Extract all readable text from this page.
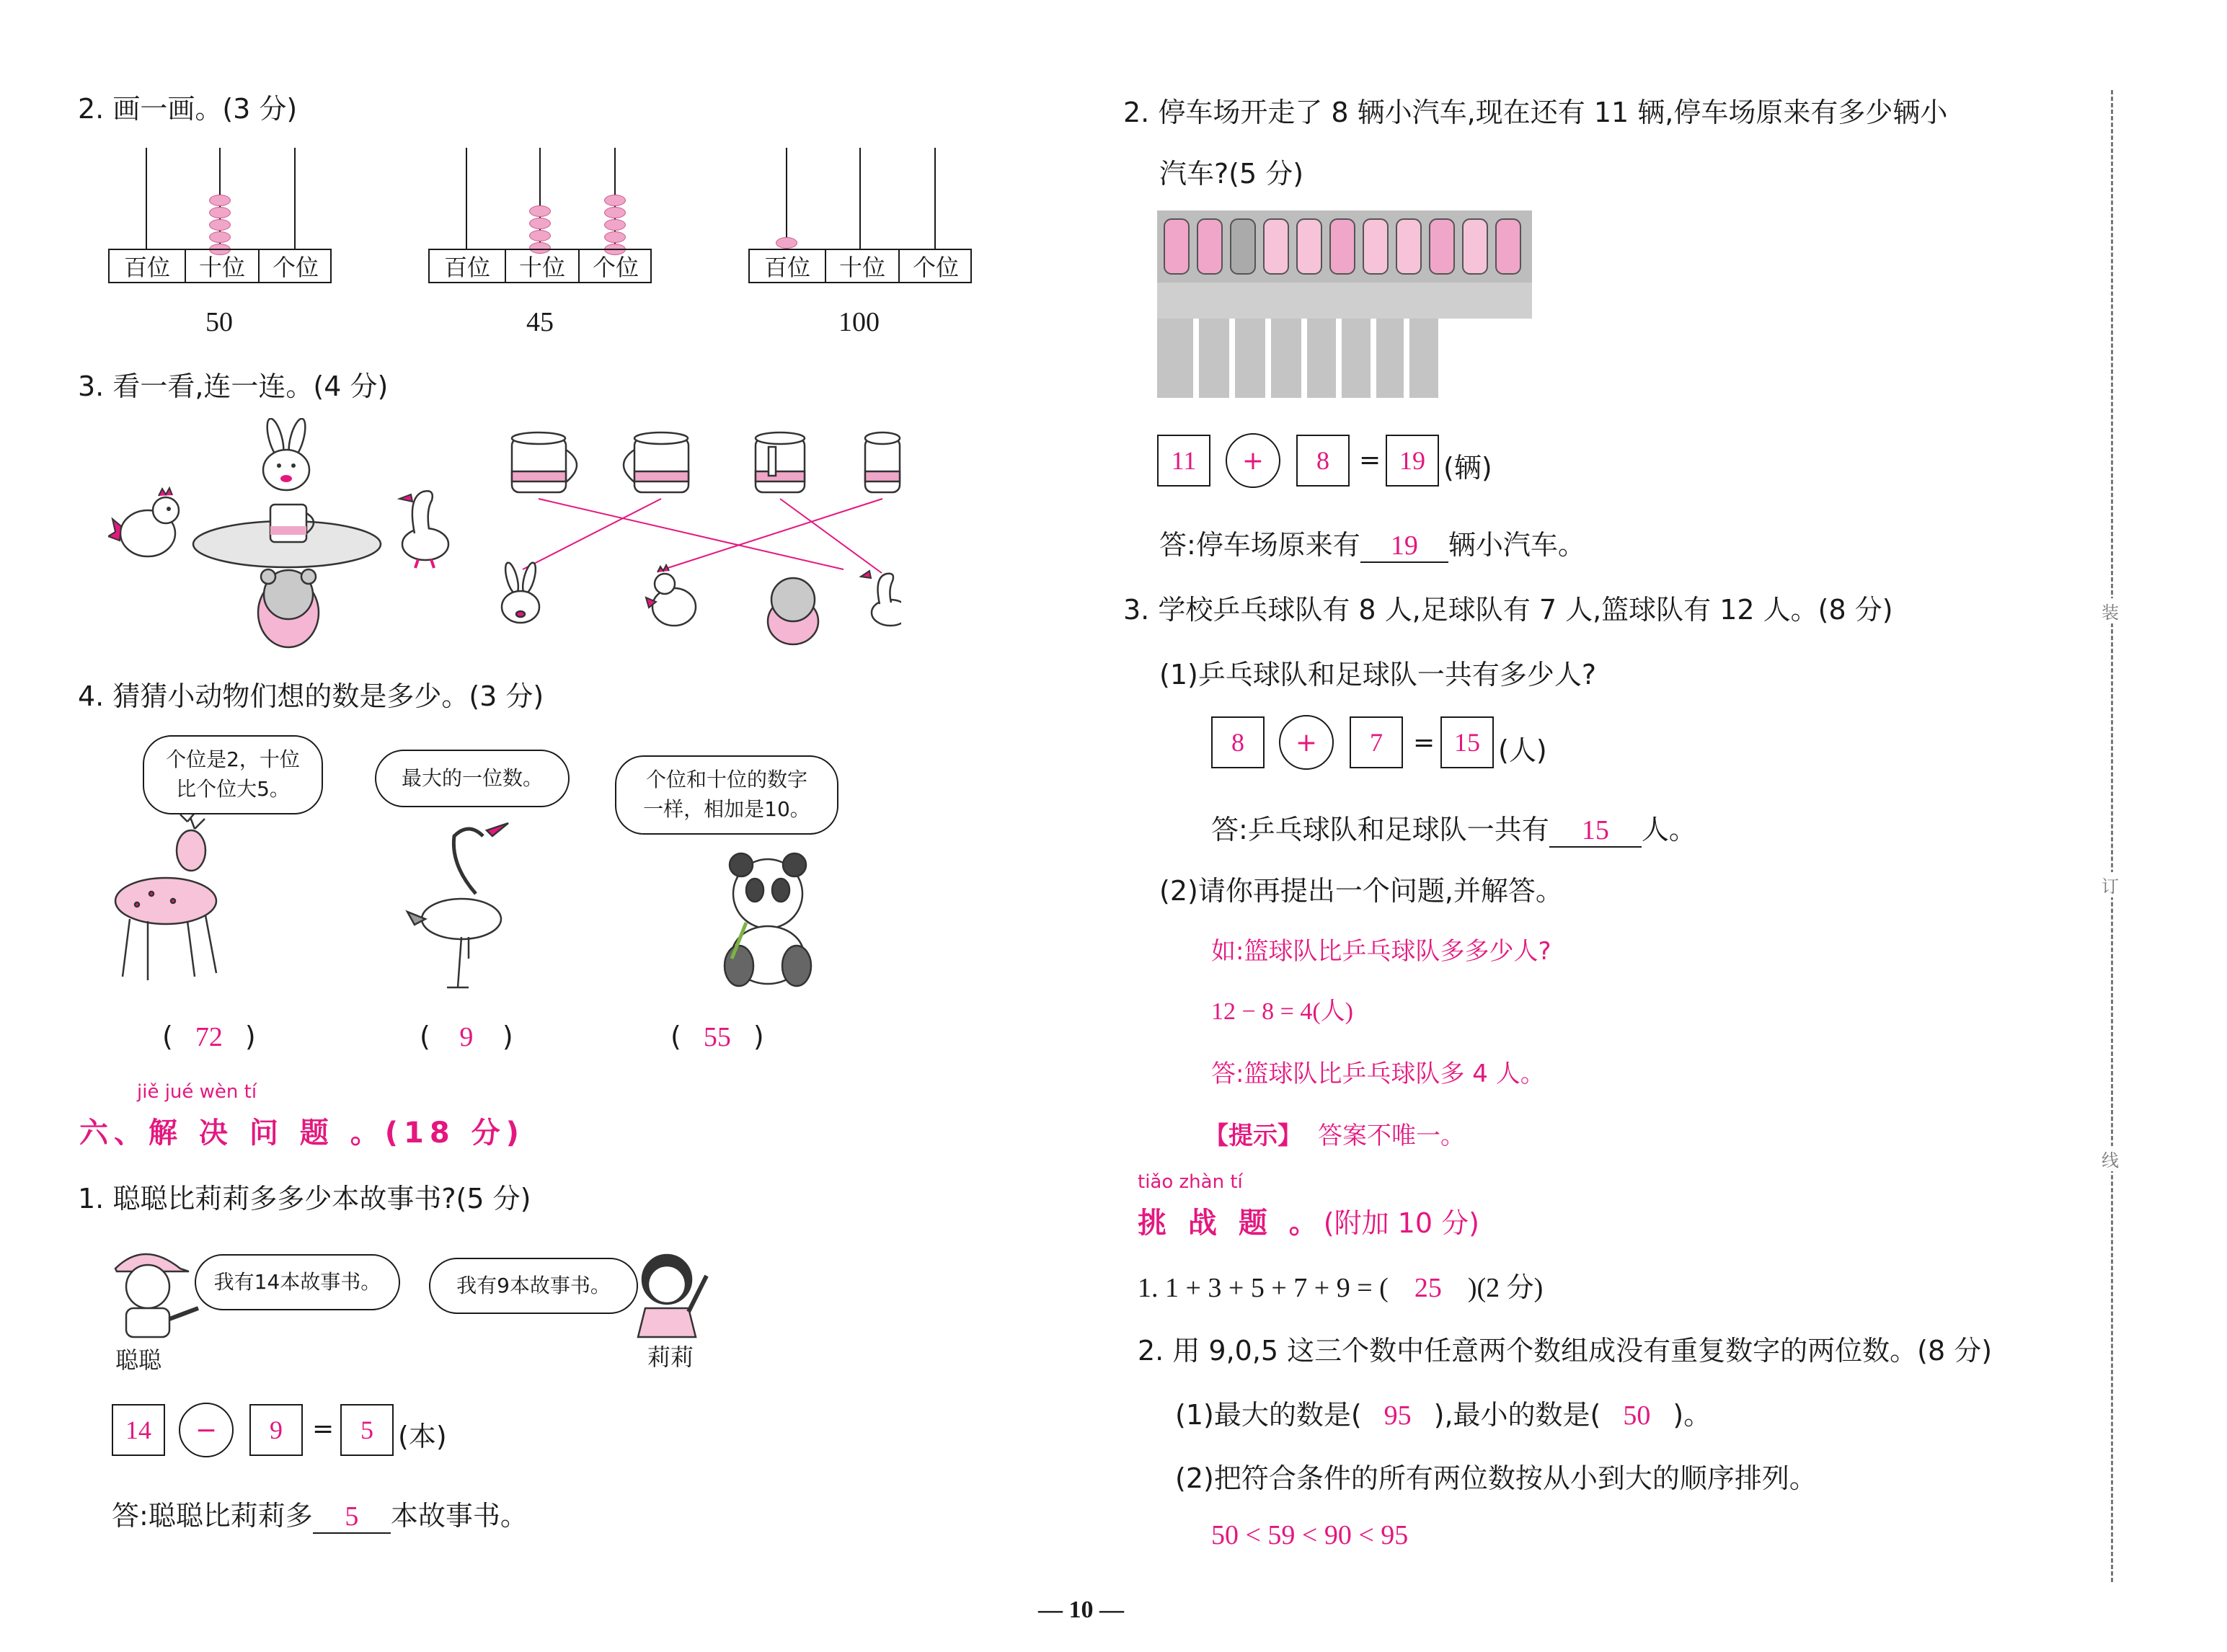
2. 画一画。(3 分)
百位	十位	个位
50
百位	十位	个位
45
百位	十位	个位
100
3. 看一看,连一连。(4 分)
4. 猜猜小动物们想的数是多少。(3 分)
个位是2，十位
比个位大5。	最大的一位数。	个位和十位的数字
一样，相加是10。
( 72 )	( 9 )	( 55 )
jiě jué wèn tí
六、解 决 问 题 。(18 分)
1. 聪聪比莉莉多多少本故事书?(5 分)
我有14本故事书。	我有9本故事书。
聪聪	莉莉
14	−	9	=	5 (本)
答:聪聪比莉莉多 5 本故事书。
2. 停车场开走了 8 辆小汽车,现在还有 11 辆,停车场原来有多少辆小
汽车?(5 分)
11	+	8	= 19 (辆)
答:停车场原来有 19 辆小汽车。
3. 学校乒乓球队有 8 人,足球队有 7 人,篮球队有 12 人。(8 分)
(1)乒乓球队和足球队一共有多少人?
8	+	7	= 15 (人)
答:乒乓球队和足球队一共有 15 人。
(2)请你再提出一个问题,并解答。
如:篮球队比乒乓球队多多少人?
12 − 8 = 4(人)
答:篮球队比乒乓球队多 4 人。
【提示】 答案不唯一。
tiǎo zhàn tí
挑 战 题 。(附加 10 分)
1. 1 + 3 + 5 + 7 + 9 = ( 25 )(2 分)
2. 用 9,0,5 这三个数中任意两个数组成没有重复数字的两位数。(8 分)
(1)最大的数是( 95 ),最小的数是( 50 )。
(2)把符合条件的所有两位数按从小到大的顺序排列。
50 < 59 < 90 < 95
装
订
线
— 10 —
